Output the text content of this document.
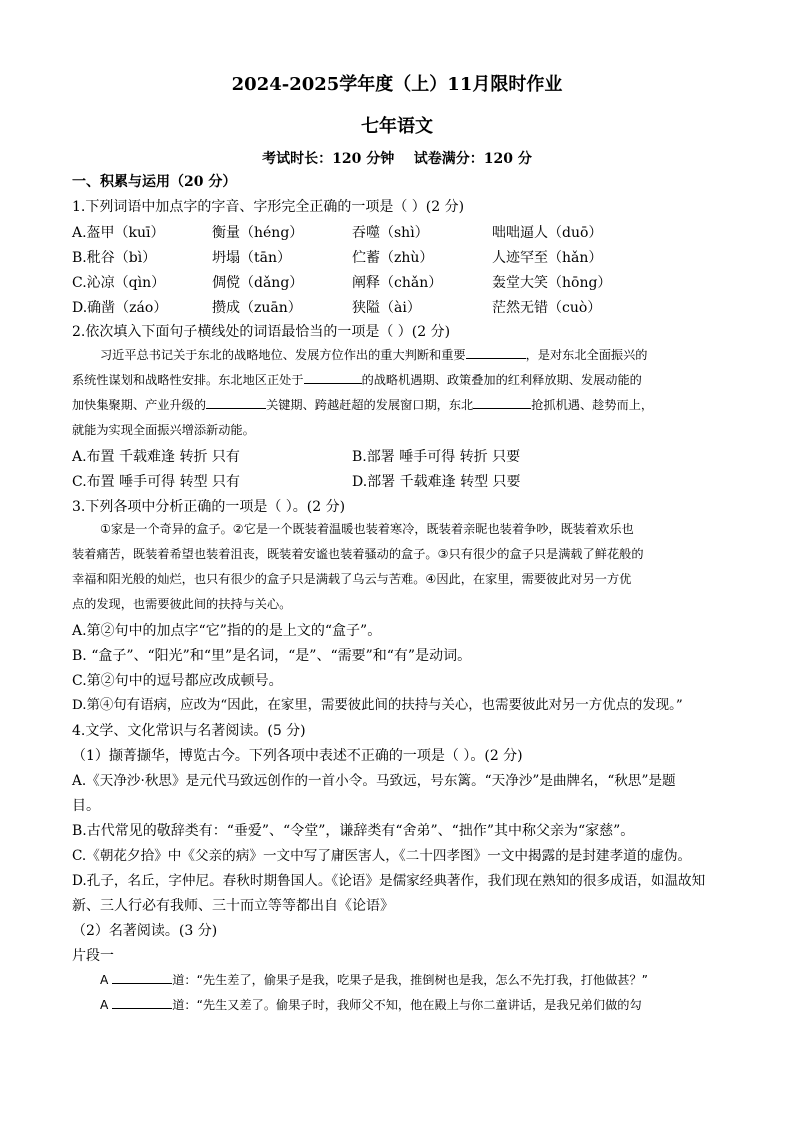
2024-2025学年度（上）11月限时作业
七年语文
考试时长：120 分钟    试卷满分：120 分
一、积累与运用（20 分）
1.下列词语中加点字的字音、字形完全正确的一项是（ ）(2 分)
A.盔甲（kuī）	衡量（héng）	吞噬（shì）	咄咄逼人（duō）
B.秕谷（bì）	坍塌（tān）	伫蓄（zhù）	人迹罕至（hǎn）
C.沁凉（qìn）	倜傥（dǎng）	阐释（chǎn）	轰堂大笑（hōng）
D.确凿（záo）	攒成（zuān）	狭隘（ài）	茫然无错（cuò）
2.依次填入下面句子横线处的词语最恰当的一项是（ ）(2 分)
习近平总书记关于东北的战略地位、发展方位作出的重大判断和重要	，是对东北全面振兴的
系统性谋划和战略性安排。东北地区正处于	的战略机遇期、政策叠加的红利释放期、发展动能的
加快集聚期、产业升级的	关键期、跨越赶超的发展窗口期，东北	抢抓机遇、趁势而上，
就能为实现全面振兴增添新动能。
A.布置 千载难逢 转折 只有	B.部署 唾手可得 转折 只要
C.布置 唾手可得 转型 只有	D.部署 千载难逢 转型 只要
3.下列各项中分析正确的一项是（ ）。(2 分)
①家是一个奇异的盒子。②它是一个既装着温暖也装着寒冷，既装着亲昵也装着争吵，既装着欢乐也
装着痛苦，既装着希望也装着沮丧，既装着安谧也装着骚动的盒子。③只有很少的盒子只是满载了鲜花般的
幸福和阳光般的灿烂，也只有很少的盒子只是满载了乌云与苦难。④因此，在家里，需要彼此对另一方优
点的发现，也需要彼此间的扶持与关心。
A.第②句中的加点字“它”指的的是上文的“盒子”。
B. “盒子”、“阳光”和“里”是名词，“是”、“需要”和“有”是动词。
C.第②句中的逗号都应改成顿号。
D.第④句有语病，应改为“因此，在家里，需要彼此间的扶持与关心，也需要彼此对另一方优点的发现。”
4.文学、文化常识与名著阅读。(5 分)
（1）撷菁撷华，博览古今。下列各项中表述不正确的一项是（ ）。(2 分)
A.《天净沙·秋思》是元代马致远创作的一首小令。马致远，号东篱。“天净沙”是曲牌名，“秋思”是题
目。
B.古代常见的敬辞类有：“垂爱”、“令堂”，谦辞类有“舍弟”、“拙作”其中称父亲为“家慈”。
C.《朝花夕拾》中《父亲的病》一文中写了庸医害人，《二十四孝图》一文中揭露的是封建孝道的虚伪。
D.孔子，名丘，字仲尼。春秋时期鲁国人。《论语》是儒家经典著作，我们现在熟知的很多成语，如温故知
新、三人行必有我师、三十而立等等都出自《论语》
（2）名著阅读。(3 分)
片段一
A	道：“先生差了，偷果子是我，吃果子是我，推倒树也是我，怎么不先打我，打他做甚？”
A	道：“先生又差了。偷果子时，我师父不知，他在殿上与你二童讲话，是我兄弟们做的勾
